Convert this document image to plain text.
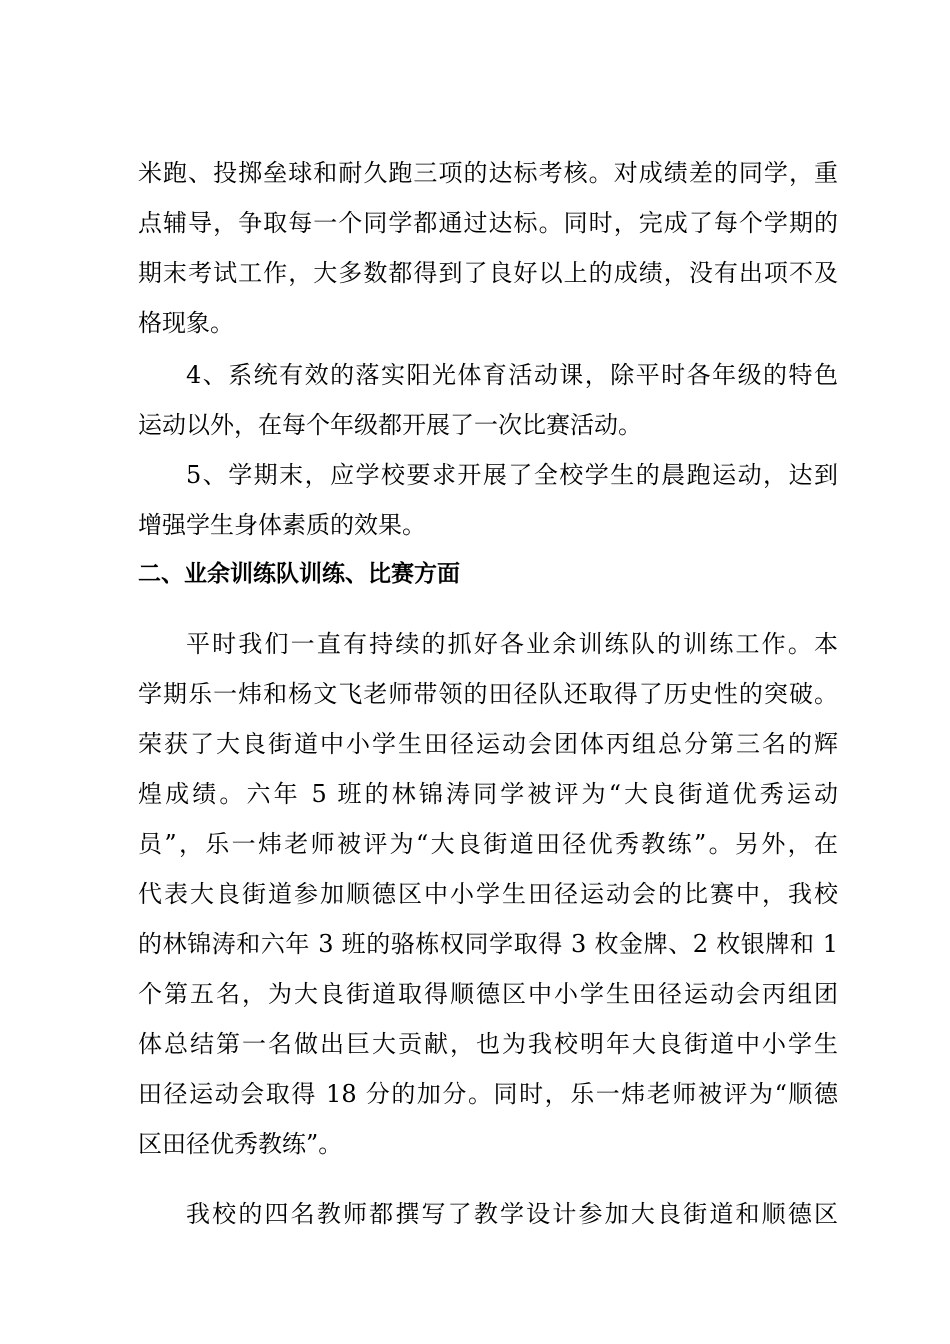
米跑、投掷垒球和耐久跑三项的达标考核。对成绩差的同学，重
点辅导，争取每一个同学都通过达标。同时，完成了每个学期的
期末考试工作，大多数都得到了良好以上的成绩，没有出项不及
格现象。
4、系统有效的落实阳光体育活动课，除平时各年级的特色
运动以外，在每个年级都开展了一次比赛活动。
5、学期末，应学校要求开展了全校学生的晨跑运动，达到
增强学生身体素质的效果。
二、业余训练队训练、比赛方面
平时我们一直有持续的抓好各业余训练队的训练工作。本
学期乐一炜和杨文飞老师带领的田径队还取得了历史性的突破。
荣获了大良街道中小学生田径运动会团体丙组总分第三名的辉
煌成绩。六年 5 班的林锦涛同学被评为“大良街道优秀运动
员”，乐一炜老师被评为“大良街道田径优秀教练”。另外，在
代表大良街道参加顺德区中小学生田径运动会的比赛中，我校
的林锦涛和六年 3 班的骆栋权同学取得 3 枚金牌、2 枚银牌和 1
个第五名，为大良街道取得顺德区中小学生田径运动会丙组团
体总结第一名做出巨大贡献，也为我校明年大良街道中小学生
田径运动会取得 18 分的加分。同时，乐一炜老师被评为“顺德
区田径优秀教练”。
我校的四名教师都撰写了教学设计参加大良街道和顺德区
